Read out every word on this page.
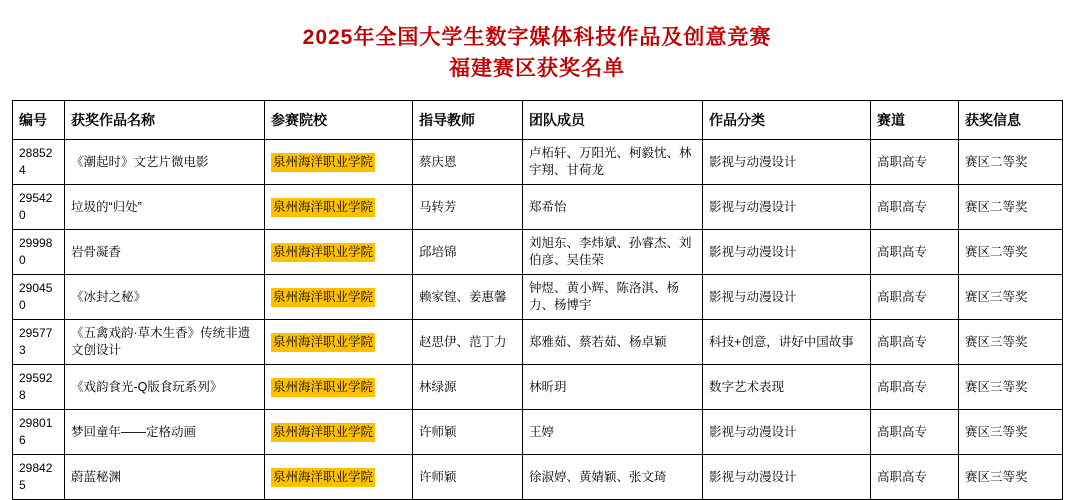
2025年全国大学生数字媒体科技作品及创意竞赛
福建赛区获奖名单
编号	获奖作品名称	参赛院校	指导教师	团队成员	作品分类	赛道	获奖信息
288524	《潮起时》文艺片微电影	泉州海洋职业学院	蔡庆恩	卢柘轩、万阳光、柯毅忱、林宇翔、甘荷龙	影视与动漫设计	高职高专	赛区二等奖
295420	垃圾的“归处”	泉州海洋职业学院	马转芳	郑希怡	影视与动漫设计	高职高专	赛区二等奖
299980	岩骨凝香	泉州海洋职业学院	邱培锦	刘旭东、李炜斌、孙睿杰、刘伯彦、吴佳荣	影视与动漫设计	高职高专	赛区二等奖
290450	《冰封之秘》	泉州海洋职业学院	赖家锽、姜惠馨	钟煜、黄小辉、陈洛淇、杨力、杨博宇	影视与动漫设计	高职高专	赛区三等奖
295773	《五禽戏韵·草木生香》传统非遗文创设计	泉州海洋职业学院	赵思伊、范丁力	郑雅茹、蔡若茹、杨卓颖	科技+创意，讲好中国故事	高职高专	赛区三等奖
295928	《戏韵食光-Q版食玩系列》	泉州海洋职业学院	林绿源	林昕玥	数字艺术表现	高职高专	赛区三等奖
298016	梦回童年——定格动画	泉州海洋职业学院	许师颖	王婷	影视与动漫设计	高职高专	赛区三等奖
298425	蔚蓝秘渊	泉州海洋职业学院	许师颖	徐淑婷、黄婧颖、张文琦	影视与动漫设计	高职高专	赛区三等奖
